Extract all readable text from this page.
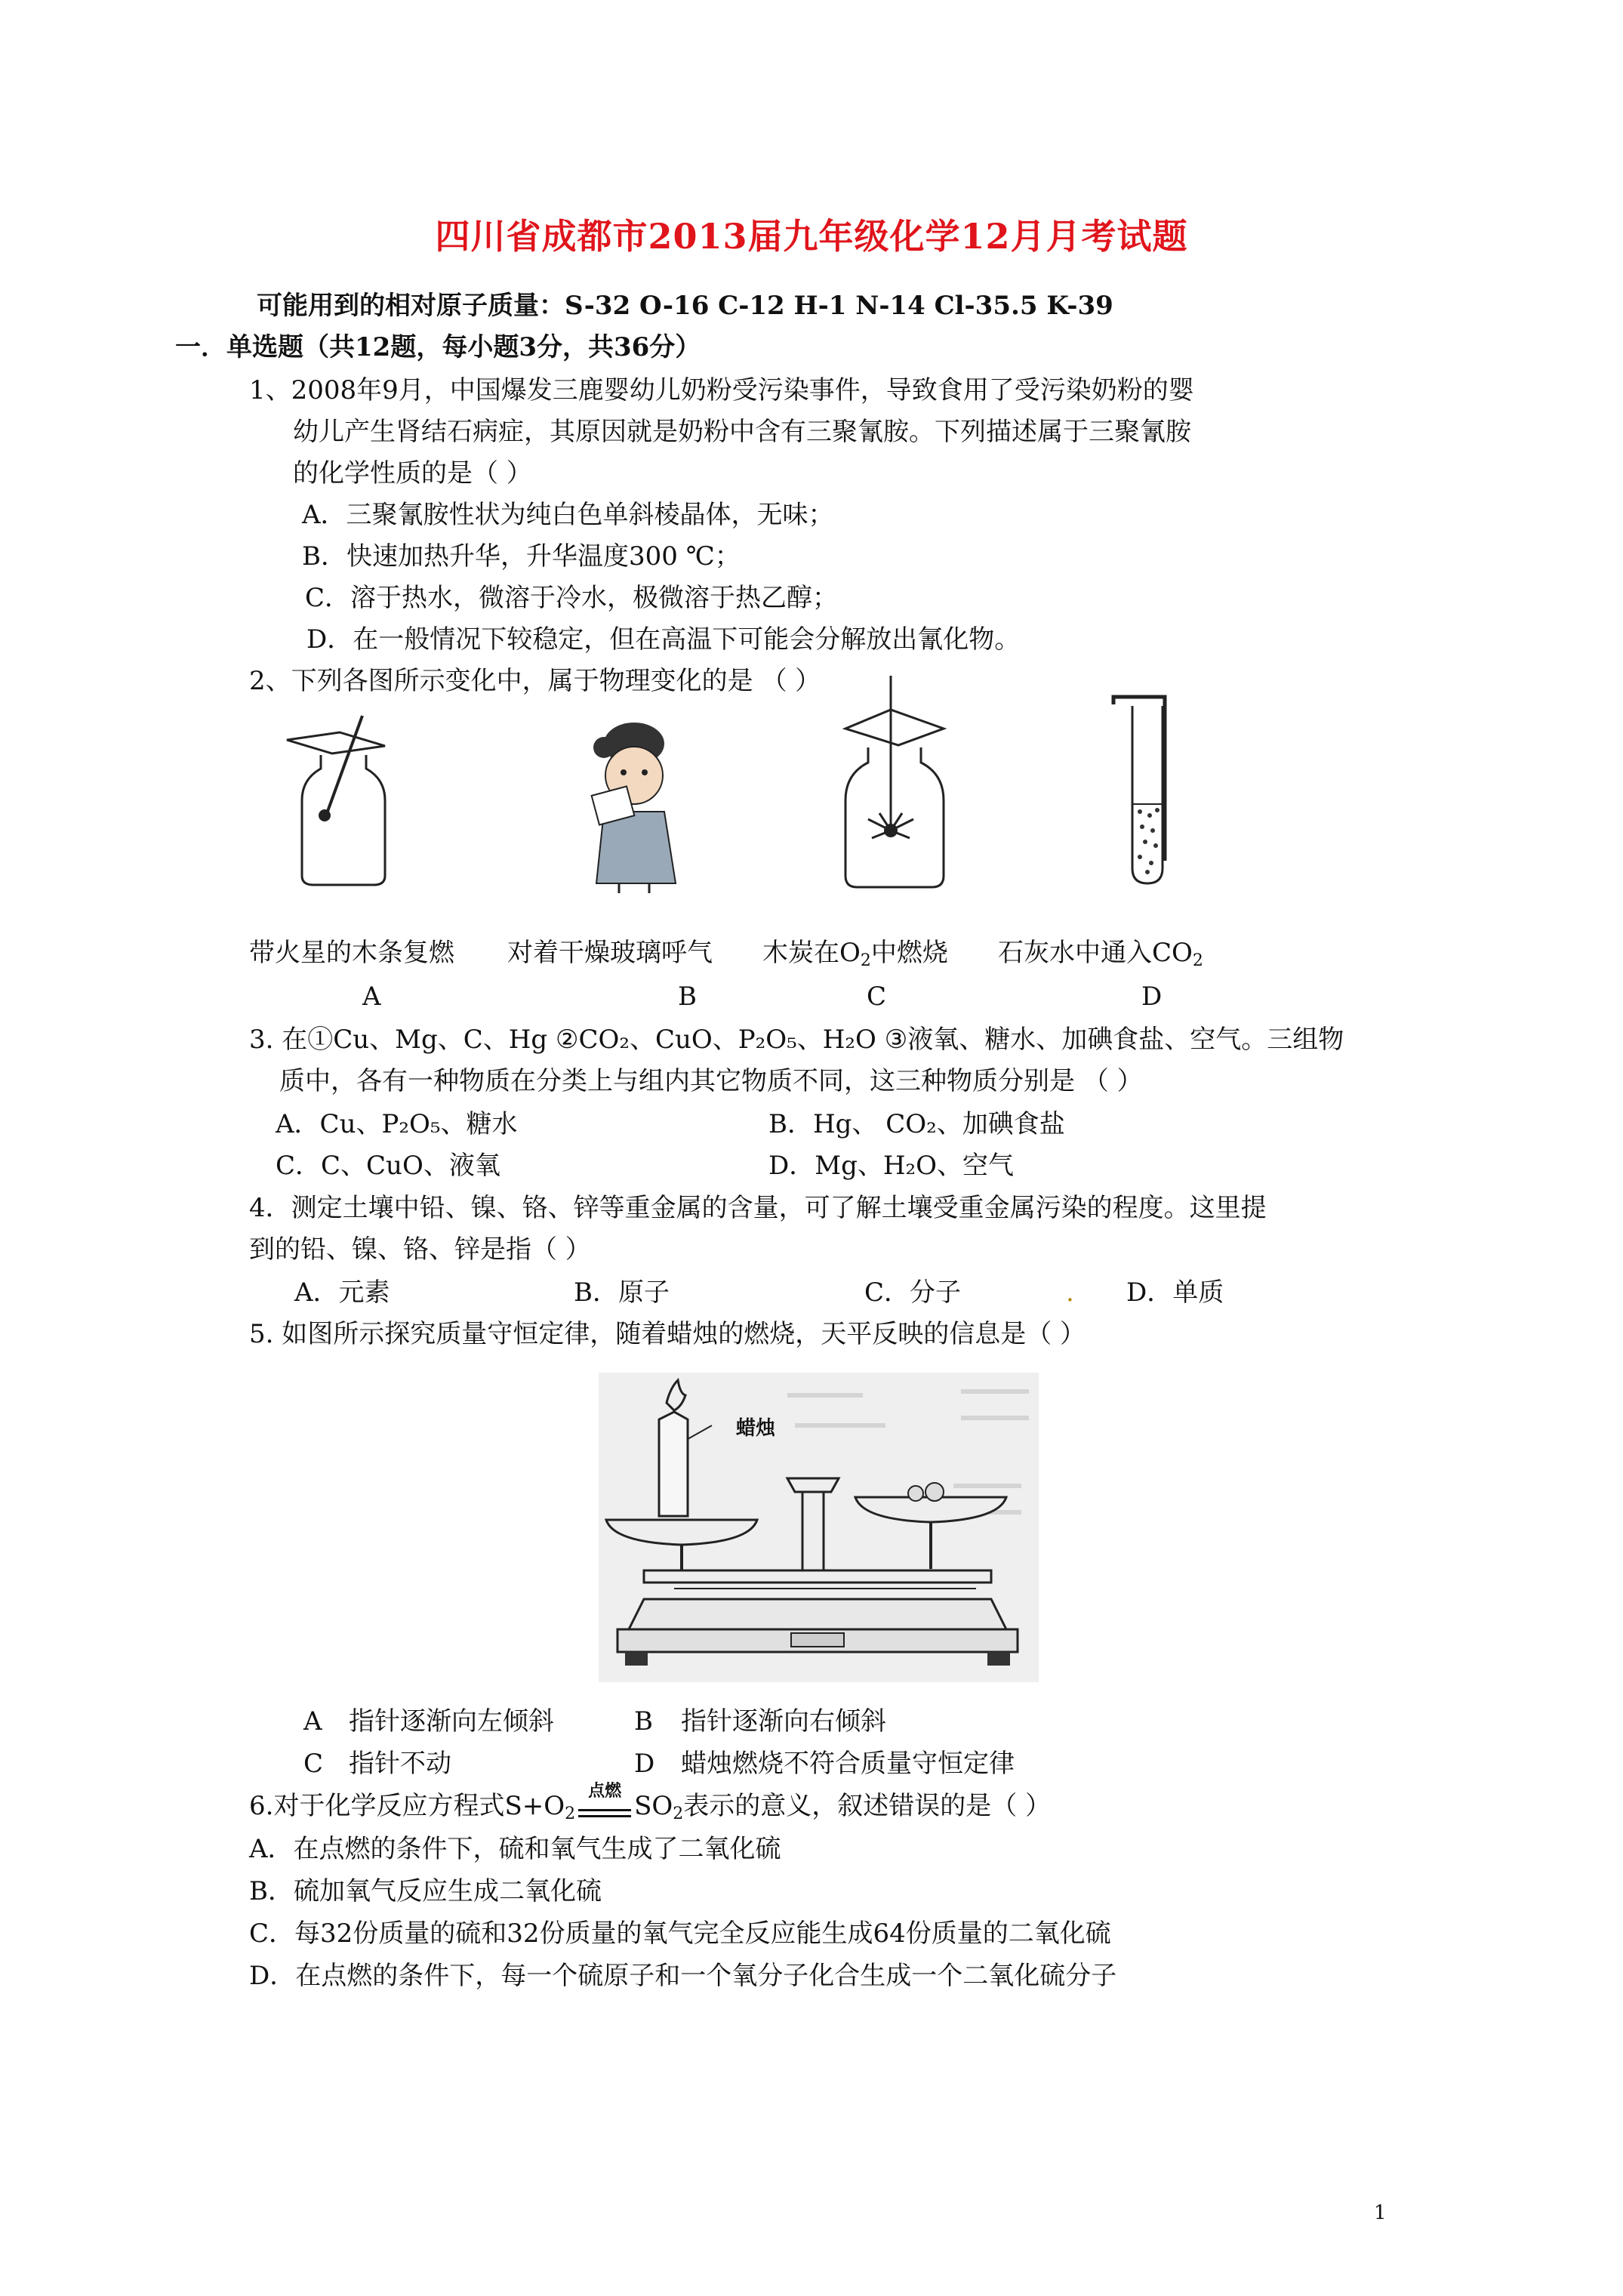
四川省成都市2013届九年级化学12月月考试题
可能用到的相对原子质量：S-32 O-16 C-12 H-1 N-14 Cl-35.5 K-39
一．单选题（共12题，每小题3分，共36分）
1、2008年9月，中国爆发三鹿婴幼儿奶粉受污染事件，导致食用了受污染奶粉的婴
幼儿产生肾结石病症，其原因就是奶粉中含有三聚氰胺。下列描述属于三聚氰胺
的化学性质的是（ ）
A．三聚氰胺性状为纯白色单斜棱晶体，无味；
B．快速加热升华，升华温度300 ℃；
C．溶于热水，微溶于冷水，极微溶于热乙醇；
D．在一般情况下较稳定，但在高温下可能会分解放出氰化物。
2、下列各图所示变化中，属于物理变化的是 （ ）
带火星的木条复燃 对着干燥玻璃呼气 木炭在$O_2$中燃烧 石灰水中通入$CO_2$
A	B	C	D
3. 在①Cu、Mg、C、Hg ②CO₂、CuO、P₂O₅、H₂O ③液氧、糖水、加碘食盐、空气。三组物
质中，各有一种物质在分类上与组内其它物质不同，这三种物质分别是 （ ）
A．Cu、P₂O₅、糖水	B．Hg、 CO₂、加碘食盐
C．C、CuO、液氧	D．Mg、H₂O、空气
4．测定土壤中铅、镍、铬、锌等重金属的含量，可了解土壤受重金属污染的程度。这里提
到的铅、镍、铬、锌是指（ ）
A．元素	B．原子	C．分子	. D．单质
5. 如图所示探究质量守恒定律，随着蜡烛的燃烧，天平反映的信息是（ ）
蜡烛
A 指针逐渐向左倾斜	B 指针逐渐向右倾斜
C 指针不动	D 蜡烛燃烧不符合质量守恒定律
6.对于化学反应方程式$S+O_2$
点燃 $SO_2$表示的意义，叙述错误的是（ ）
A．在点燃的条件下，硫和氧气生成了二氧化硫
B．硫加氧气反应生成二氧化硫
C．每32份质量的硫和32份质量的氧气完全反应能生成64份质量的二氧化硫
D．在点燃的条件下，每一个硫原子和一个氧分子化合生成一个二氧化硫分子
1
